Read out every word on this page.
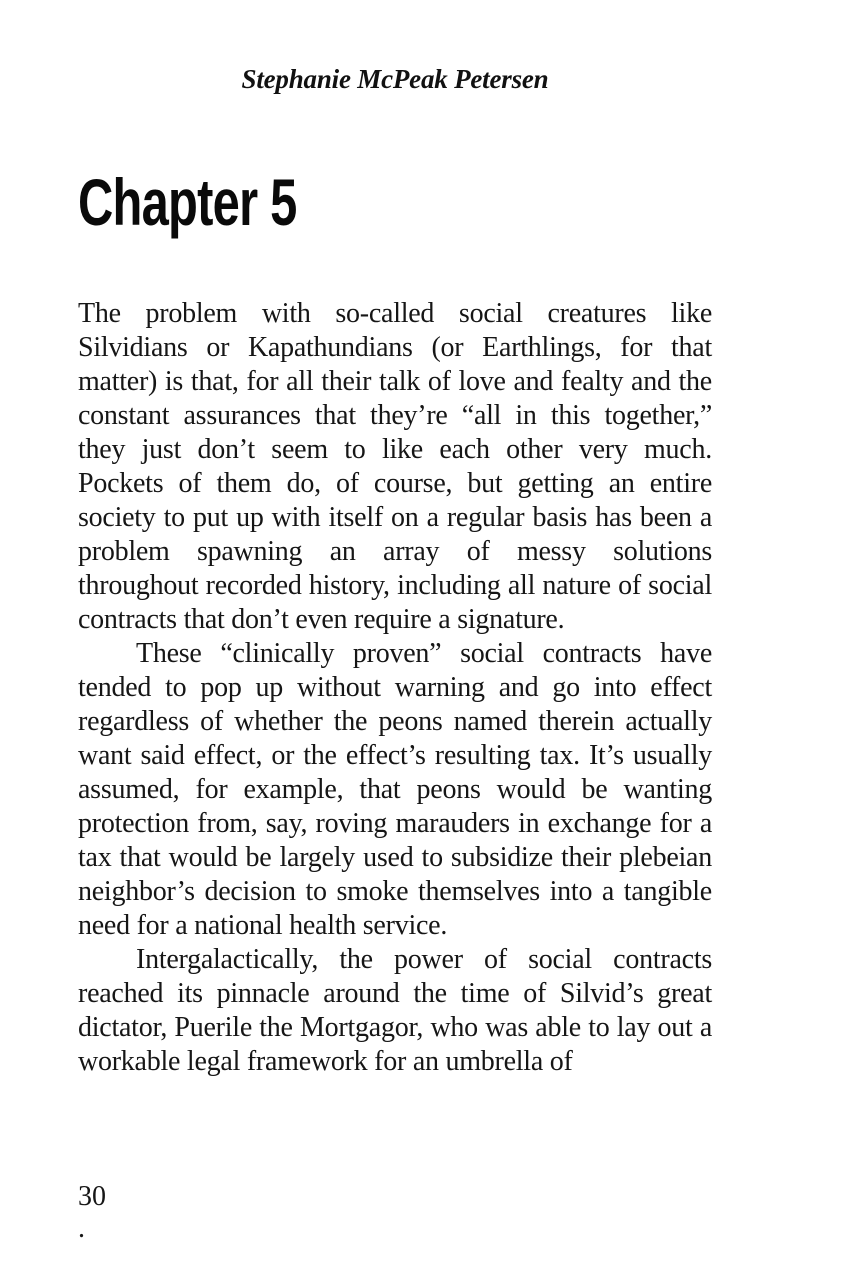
Stephanie McPeak Petersen
Chapter 5

The problem with so-called social creatures like Silvidians or Kapathundians (or Earthlings, for that matter) is that, for all their talk of love and fealty and the constant assurances that they’re “all in this together,” they just don’t seem to like each other very much. Pockets of them do, of course, but getting an entire society to put up with itself on a regular basis has been a problem spawning an array of messy solutions throughout recorded history, including all nature of social contracts that don’t even require a signature.

These “clinically proven” social contracts have tended to pop up without warning and go into effect regardless of whether the peons named therein actually want said effect, or the effect’s resulting tax. It’s usually assumed, for example, that peons would be wanting protection from, say, roving marauders in exchange for a tax that would be largely used to subsidize their plebeian neighbor’s decision to smoke themselves into a tangible need for a national health service.

Intergalactically, the power of social contracts reached its pinnacle around the time of Silvid’s great dictator, Puerile the Mortgagor, who was able to lay out a workable legal framework for an umbrella of

30
.
